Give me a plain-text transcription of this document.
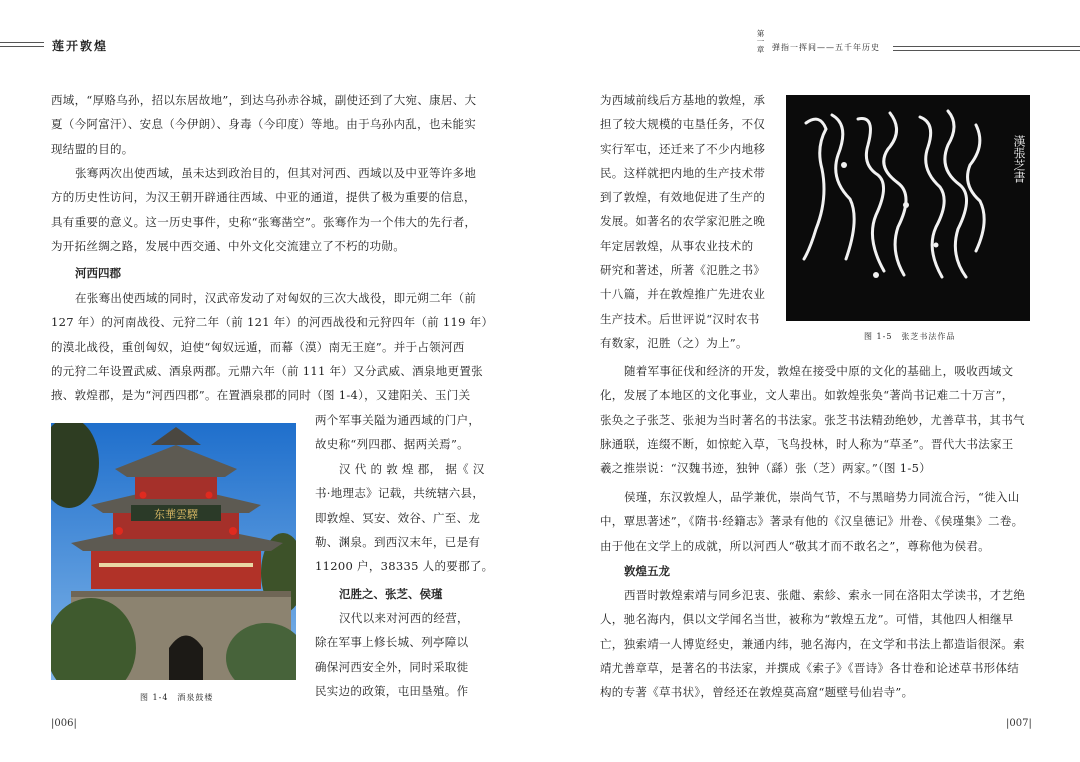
莲开敦煌
第
一
章 弹指一挥间——五千年历史

西域，“厚赂乌孙，招以东居故地”，到达乌孙赤谷城，副使还到了大宛、康居、大
夏（今阿富汗）、安息（今伊朗）、身毒（今印度）等地。由于乌孙内乱，也未能实
现结盟的目的。

张骞两次出使西域，虽未达到政治目的，但其对河西、西域以及中亚等许多地
方的历史性访问，为汉王朝开辟通往西域、中亚的通道，提供了极为重要的信息，
具有重要的意义。这一历史事件，史称“张骞凿空”。张骞作为一个伟大的先行者，
为开拓丝绸之路，发展中西交通、中外文化交流建立了不朽的功勋。

河西四郡

在张骞出使西域的同时，汉武帝发动了对匈奴的三次大战役，即元朔二年（前
127 年）的河南战役、元狩二年（前 121 年）的河西战役和元狩四年（前 119 年）
的漠北战役，重创匈奴，迫使“匈奴远遁，而幕（漠）南无王庭”。并于占领河西
的元狩二年设置武威、酒泉两郡。元鼎六年（前 111 年）又分武威、酒泉地更置张
掖、敦煌郡，是为“河西四郡”。在置酒泉郡的同时（图 1-4），又建阳关、玉门关

两个军事关隘为通西域的门户，
故史称“列四郡、据两关焉”。

汉 代 的 敦 煌 郡， 据《 汉
书·地理志》记载，共统辖六县，
即敦煌、冥安、效谷、广至、龙
勒、渊泉。到西汉末年，已是有
11200 户，38335 人的要郡了。

氾胜之、张芝、侯瑾

汉代以来对河西的经营，
除在军事上修长城、列亭障以
确保河西安全外，同时采取徙
民实边的政策，屯田垦殖。作

东華雲驛
图 1-4　酒泉鼓楼
|006|

为西域前线后方基地的敦煌，承
担了较大规模的屯垦任务，不仅
实行军屯，还迁来了不少内地移
民。这样就把内地的生产技术带
到了敦煌，有效地促进了生产的
发展。如著名的农学家氾胜之晚
年定居敦煌，从事农业技术的
研究和著述，所著《氾胜之书》
十八篇，并在敦煌推广先进农业
生产技术。后世评说“汉时农书
有数家，氾胜（之）为上”。

漢張芝書
图 1-5　张芝书法作品

随着军事征伐和经济的开发，敦煌在接受中原的文化的基础上，吸收西域文
化，发展了本地区的文化事业，文人辈出。如敦煌张奂“著尚书记难二十万言”，
张奂之子张芝、张昶为当时著名的书法家。张芝书法精劲绝妙，尤善草书，其书气
脉通联，连缀不断，如惊蛇入草，飞鸟投林，时人称为“草圣”。晋代大书法家王
羲之推崇说：“汉魏书迹，独钟（繇）张（芝）两家。”（图 1-5）

侯瑾，东汉敦煌人，品学兼优，崇尚气节，不与黑暗势力同流合污，“徙入山
中，覃思著述”，《隋书·经籍志》著录有他的《汉皇德记》卅卷、《侯瑾集》二卷。
由于他在文学上的成就，所以河西人“敬其才而不敢名之”，尊称他为侯君。

敦煌五龙

西晋时敦煌索靖与同乡氾衷、张甝、索紾、索永一同在洛阳太学读书，才艺绝
人，驰名海内，俱以文学闻名当世，被称为“敦煌五龙”。可惜，其他四人相继早
亡，独索靖一人博览经史，兼通内纬，驰名海内，在文学和书法上都造诣很深。索
靖尤善章草，是著名的书法家，并撰成《索子》《晋诗》各廿卷和论述草书形体结
构的专著《草书状》，曾经还在敦煌莫高窟“题壁号仙岩寺”。

|007|
